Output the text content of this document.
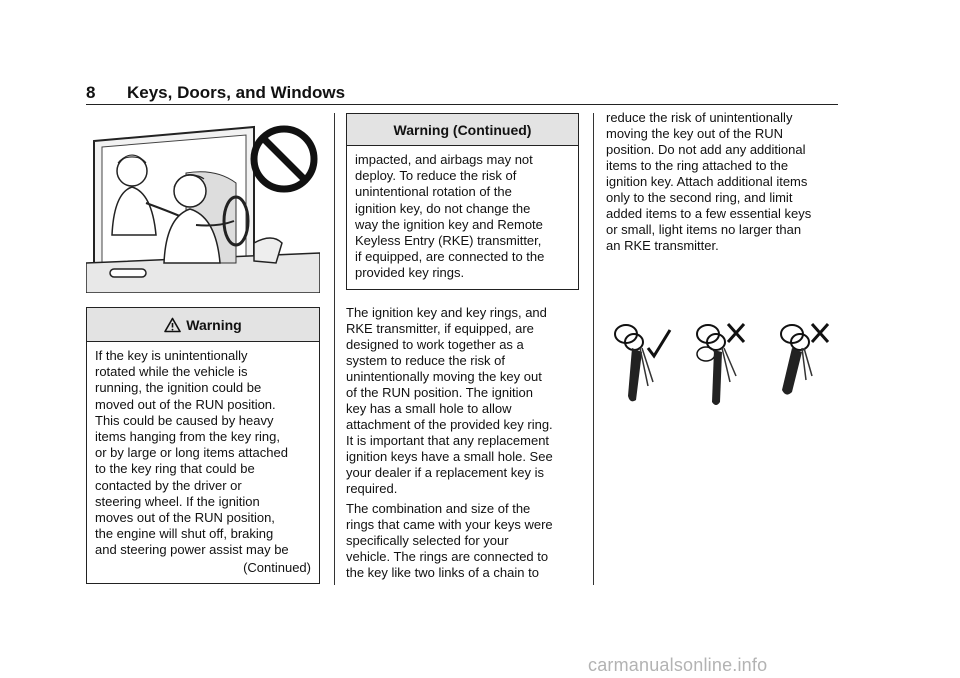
8 Keys, Doors, and Windows
Warning
If the key is unintentionally
rotated while the vehicle is
running, the ignition could be
moved out of the RUN position.
This could be caused by heavy
items hanging from the key ring,
or by large or long items attached
to the key ring that could be
contacted by the driver or
steering wheel. If the ignition
moves out of the RUN position,
the engine will shut off, braking
and steering power assist may be
(Continued)
Warning (Continued)
impacted, and airbags may not
deploy. To reduce the risk of
unintentional rotation of the
ignition key, do not change the
way the ignition key and Remote
Keyless Entry (RKE) transmitter,
if equipped, are connected to the
provided key rings.
The ignition key and key rings, and
RKE transmitter, if equipped, are
designed to work together as a
system to reduce the risk of
unintentionally moving the key out
of the RUN position. The ignition
key has a small hole to allow
attachment of the provided key ring.
It is important that any replacement
ignition keys have a small hole. See
your dealer if a replacement key is
required.
The combination and size of the
rings that came with your keys were
specifically selected for your
vehicle. The rings are connected to
the key like two links of a chain to
reduce the risk of unintentionally
moving the key out of the RUN
position. Do not add any additional
items to the ring attached to the
ignition key. Attach additional items
only to the second ring, and limit
added items to a few essential keys
or small, light items no larger than
an RKE transmitter.
carmanualsonline.info
